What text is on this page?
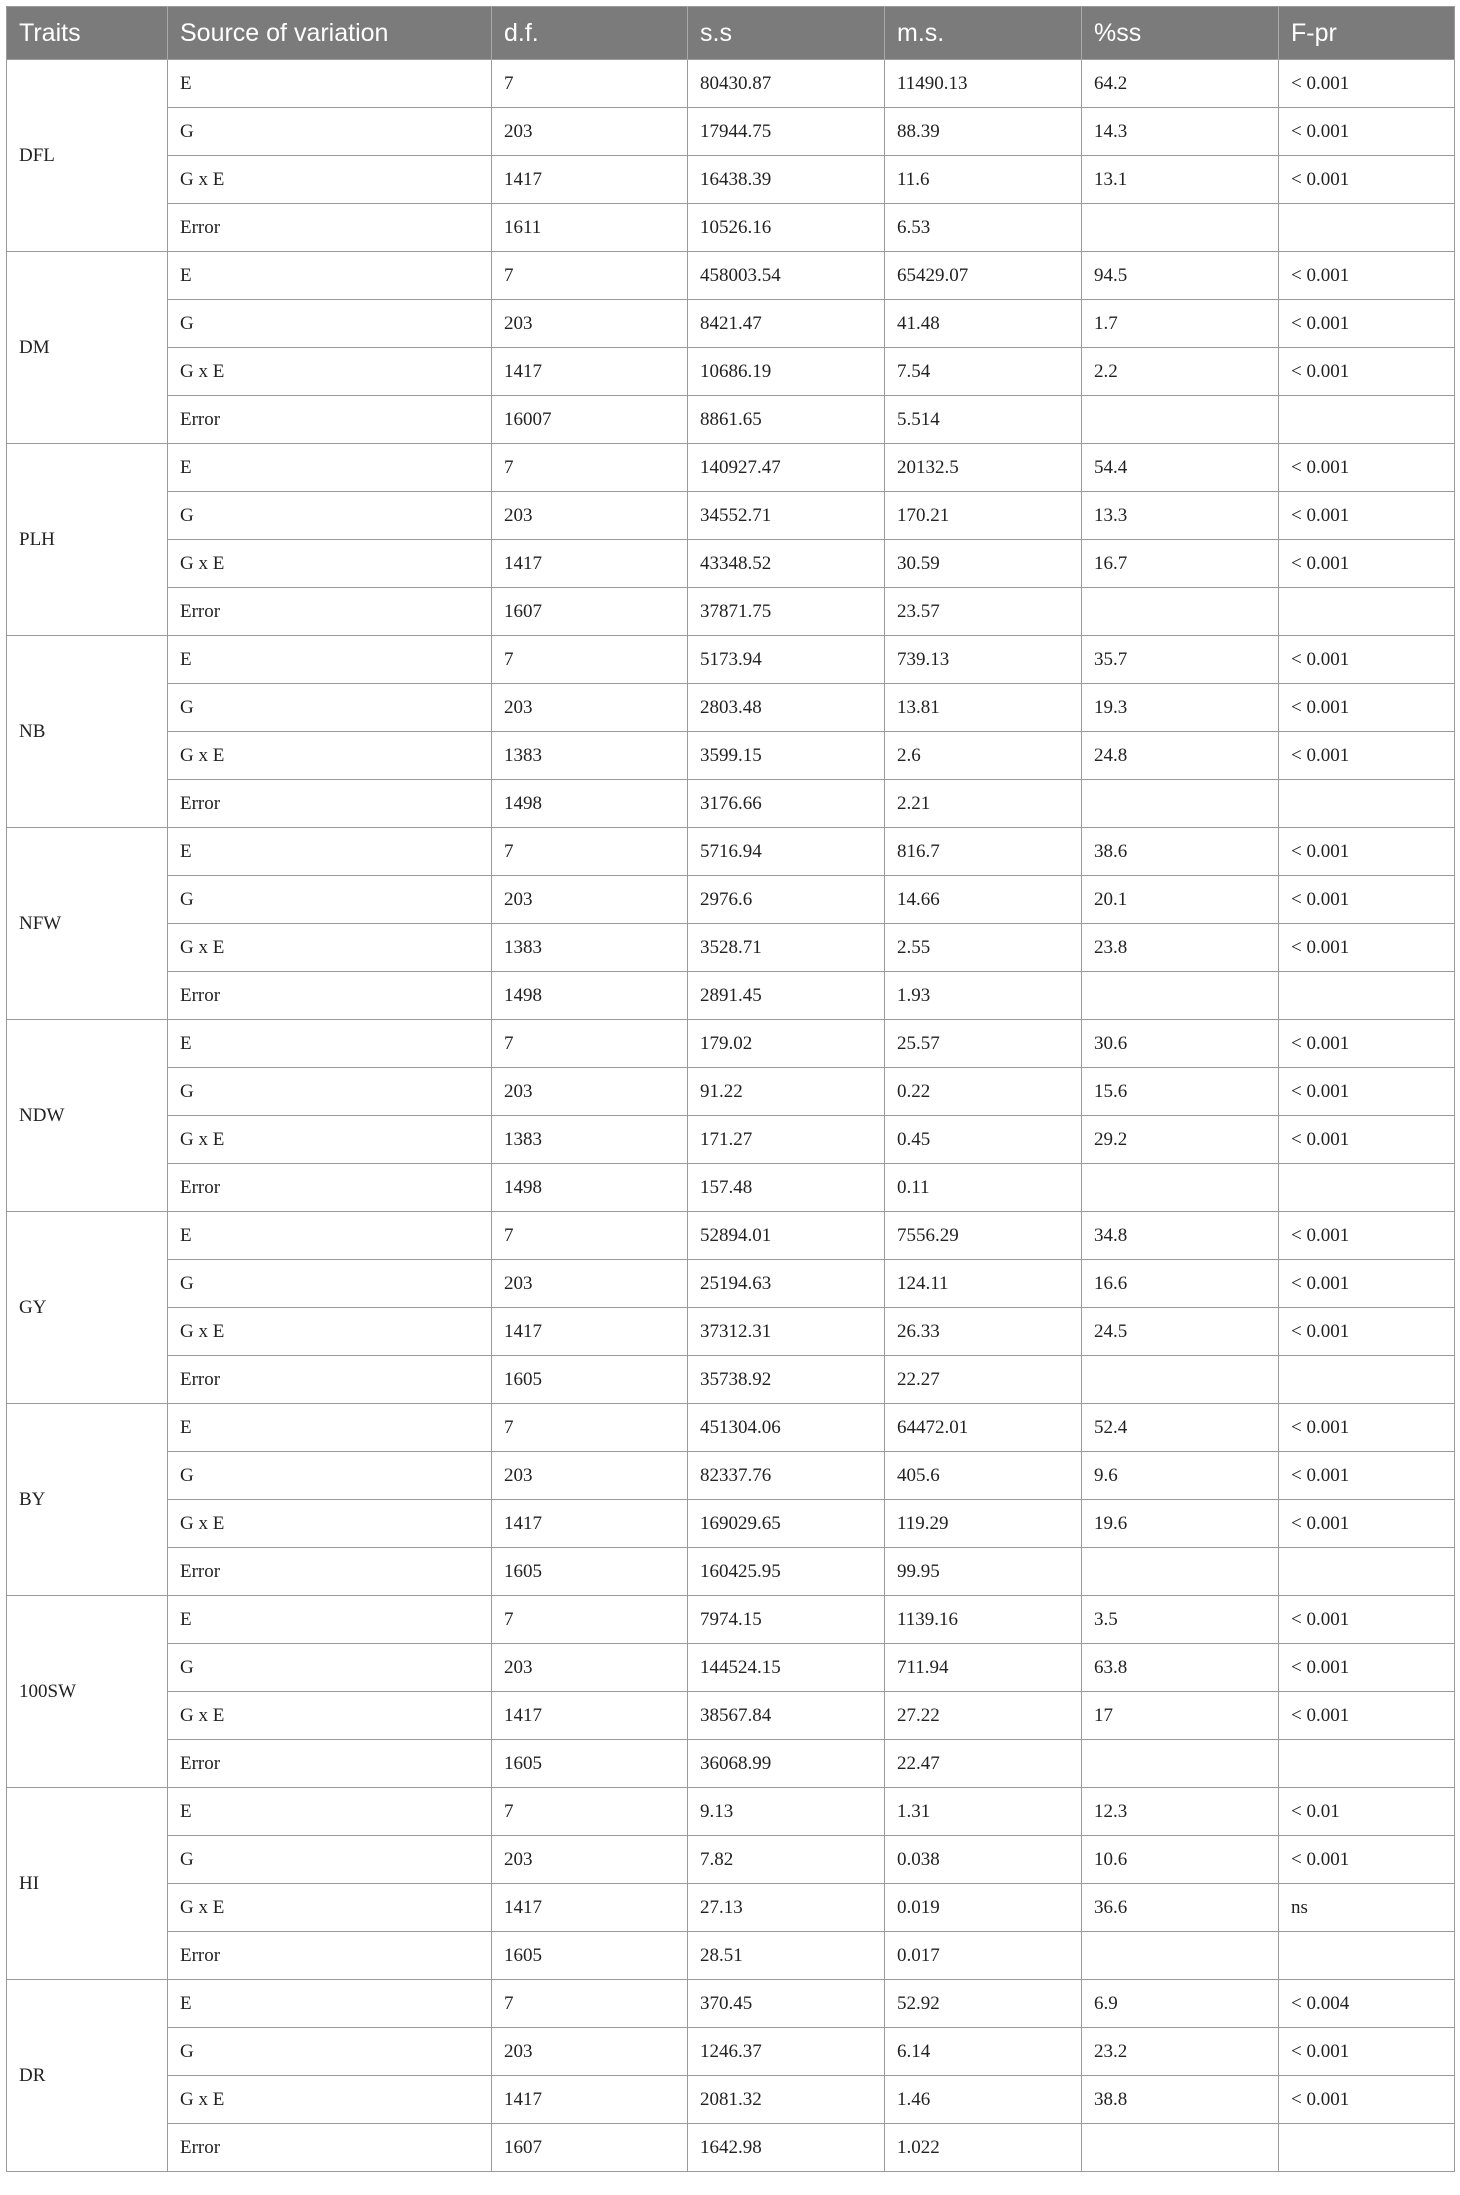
Traits	Source of variation	d.f.	s.s	m.s.	%ss	F-pr
DFL	E	7	80430.87	11490.13	64.2	< 0.001
	G	203	17944.75	88.39	14.3	< 0.001
	G x E	1417	16438.39	11.6	13.1	< 0.001
	Error	1611	10526.16	6.53		
DM	E	7	458003.54	65429.07	94.5	< 0.001
	G	203	8421.47	41.48	1.7	< 0.001
	G x E	1417	10686.19	7.54	2.2	< 0.001
	Error	16007	8861.65	5.514		
PLH	E	7	140927.47	20132.5	54.4	< 0.001
	G	203	34552.71	170.21	13.3	< 0.001
	G x E	1417	43348.52	30.59	16.7	< 0.001
	Error	1607	37871.75	23.57		
NB	E	7	5173.94	739.13	35.7	< 0.001
	G	203	2803.48	13.81	19.3	< 0.001
	G x E	1383	3599.15	2.6	24.8	< 0.001
	Error	1498	3176.66	2.21		
NFW	E	7	5716.94	816.7	38.6	< 0.001
	G	203	2976.6	14.66	20.1	< 0.001
	G x E	1383	3528.71	2.55	23.8	< 0.001
	Error	1498	2891.45	1.93		
NDW	E	7	179.02	25.57	30.6	< 0.001
	G	203	91.22	0.22	15.6	< 0.001
	G x E	1383	171.27	0.45	29.2	< 0.001
	Error	1498	157.48	0.11		
GY	E	7	52894.01	7556.29	34.8	< 0.001
	G	203	25194.63	124.11	16.6	< 0.001
	G x E	1417	37312.31	26.33	24.5	< 0.001
	Error	1605	35738.92	22.27		
BY	E	7	451304.06	64472.01	52.4	< 0.001
	G	203	82337.76	405.6	9.6	< 0.001
	G x E	1417	169029.65	119.29	19.6	< 0.001
	Error	1605	160425.95	99.95		
100SW	E	7	7974.15	1139.16	3.5	< 0.001
	G	203	144524.15	711.94	63.8	< 0.001
	G x E	1417	38567.84	27.22	17	< 0.001
	Error	1605	36068.99	22.47		
HI	E	7	9.13	1.31	12.3	< 0.01
	G	203	7.82	0.038	10.6	< 0.001
	G x E	1417	27.13	0.019	36.6	ns
	Error	1605	28.51	0.017		
DR	E	7	370.45	52.92	6.9	< 0.004
	G	203	1246.37	6.14	23.2	< 0.001
	G x E	1417	2081.32	1.46	38.8	< 0.001
	Error	1607	1642.98	1.022		
